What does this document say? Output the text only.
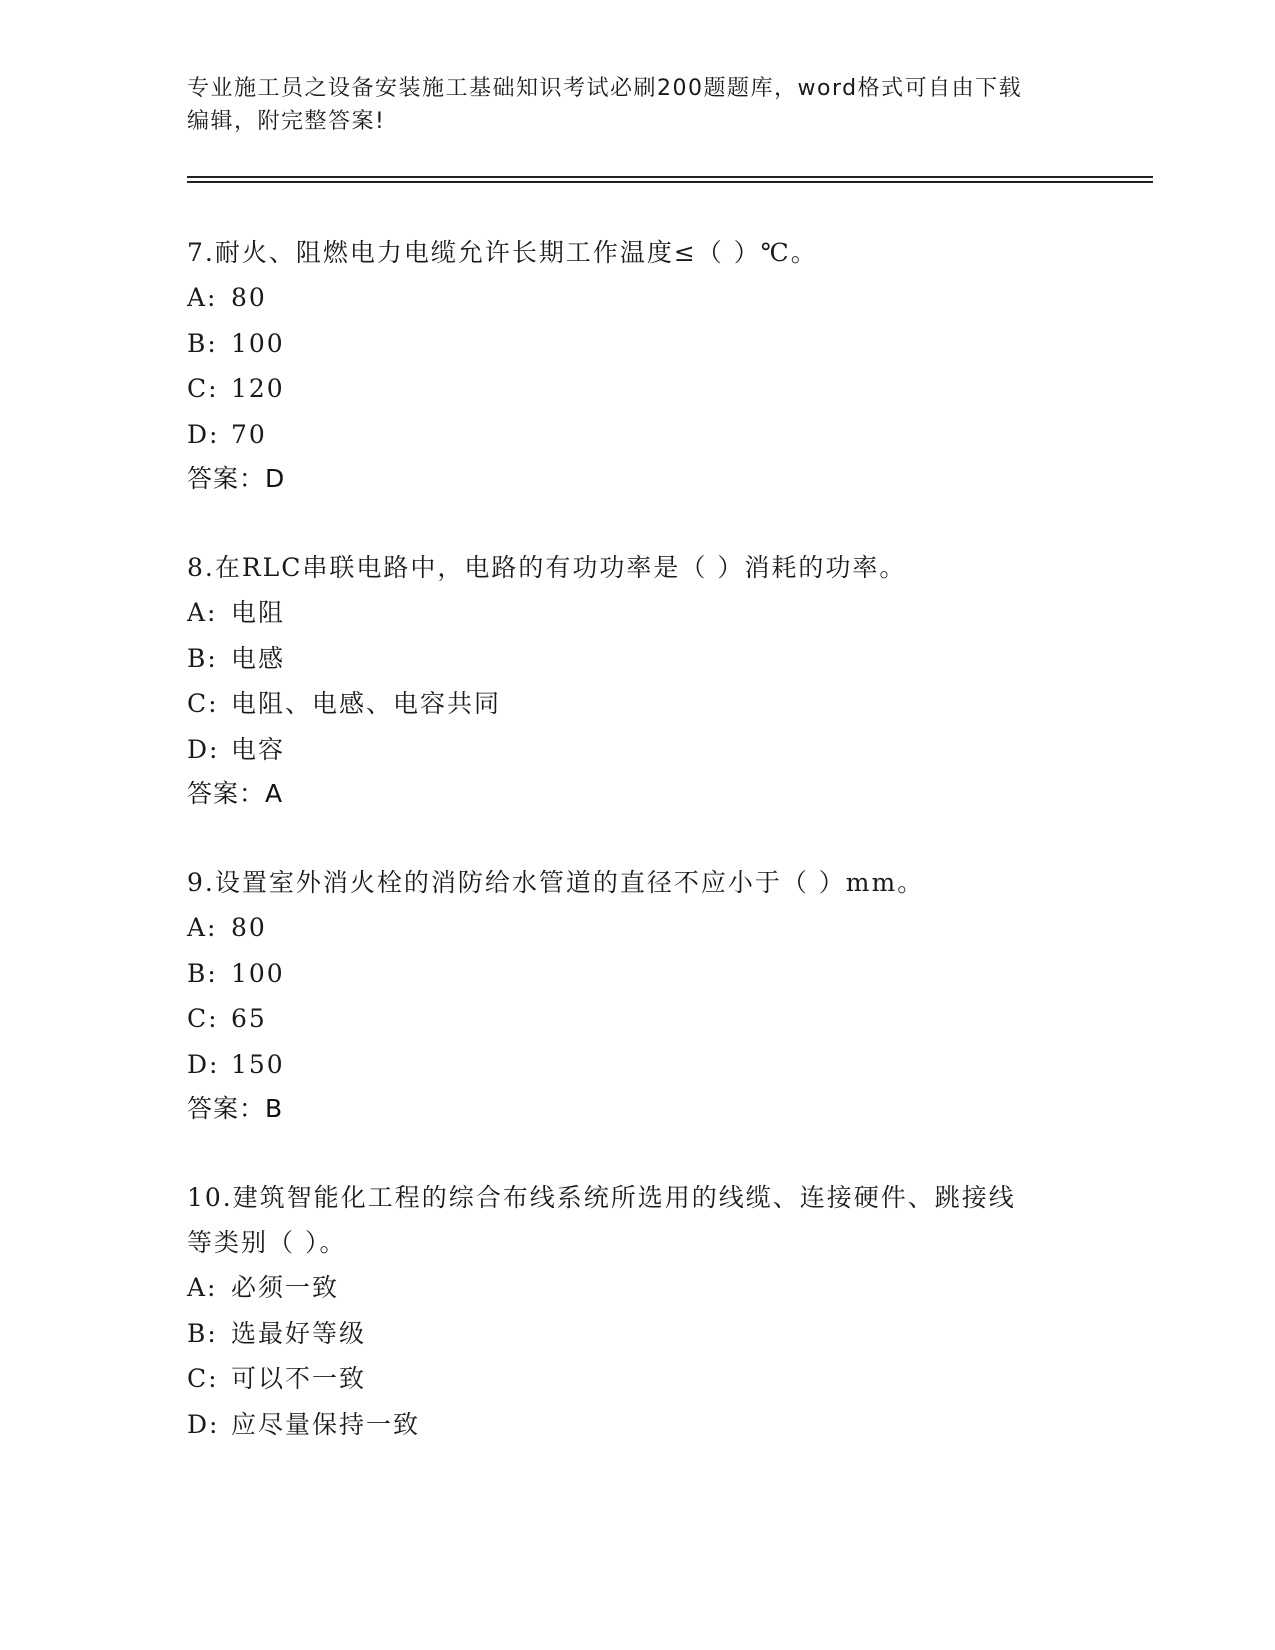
专业施工员之设备安装施工基础知识考试必刷200题题库，word格式可自由下载
编辑，附完整答案!
7.耐火、阻燃电力电缆允许长期工作温度≤（ ）℃。
A: 80
B: 100
C: 120
D: 70
答案：D
8.在RLC串联电路中，电路的有功功率是（ ）消耗的功率。
A: 电阻
B: 电感
C: 电阻、电感、电容共同
D: 电容
答案：A
9.设置室外消火栓的消防给水管道的直径不应小于（ ）mm。
A: 80
B: 100
C: 65
D: 150
答案：B
10.建筑智能化工程的综合布线系统所选用的线缆、连接硬件、跳接线
等类别（ ）。
A: 必须一致
B: 选最好等级
C: 可以不一致
D: 应尽量保持一致
